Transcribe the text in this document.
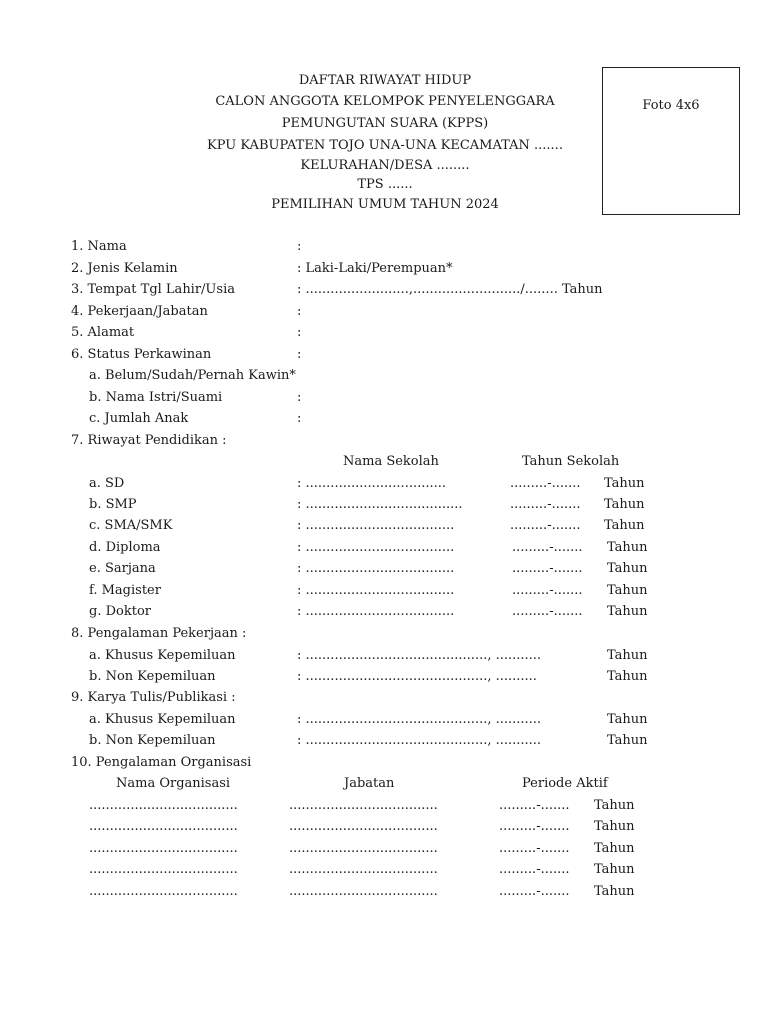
DAFTAR RIWAYAT HIDUP
CALON ANGGOTA KELOMPOK PENYELENGGARA
PEMUNGUTAN SUARA (KPPS)
KPU KABUPATEN TOJO UNA-UNA KECAMATAN .......
KELURAHAN/DESA ........
TPS ......
PEMILIHAN UMUM TAHUN 2024
Foto 4x6
1. Nama	:
2. Jenis Kelamin	: Laki-Laki/Perempuan*
3. Tempat Tgl Lahir/Usia	: .........................,........................../........ Tahun
4. Pekerjaan/Jabatan	:
5. Alamat	:
6. Status Perkawinan	:
a. Belum/Sudah/Pernah Kawin*
b. Nama Istri/Suami	:
c. Jumlah Anak	:
7. Riwayat Pendidikan :
Nama Sekolah	Tahun Sekolah
a. SD	: ..................................	.........-....... Tahun
b. SMP	: ......................................	.........-....... Tahun
c. SMA/SMK	: ....................................	.........-....... Tahun
d. Diploma	: ....................................	.........-....... Tahun
e. Sarjana	: ....................................	.........-....... Tahun
f. Magister	: ....................................	.........-....... Tahun
g. Doktor	: ....................................	.........-....... Tahun
8. Pengalaman Pekerjaan :
a. Khusus Kepemiluan	: ............................................, ...........	Tahun
b. Non Kepemiluan	: ............................................, ..........	Tahun
9. Karya Tulis/Publikasi :
a. Khusus Kepemiluan	: ............................................, ...........	Tahun
b. Non Kepemiluan	: ............................................, ...........	Tahun
10. Pengalaman Organisasi
Nama Organisasi	Jabatan	Periode Aktif
....................................	....................................	.........-....... Tahun
....................................	....................................	.........-....... Tahun
....................................	....................................	.........-....... Tahun
....................................	....................................	.........-....... Tahun
....................................	....................................	.........-....... Tahun
